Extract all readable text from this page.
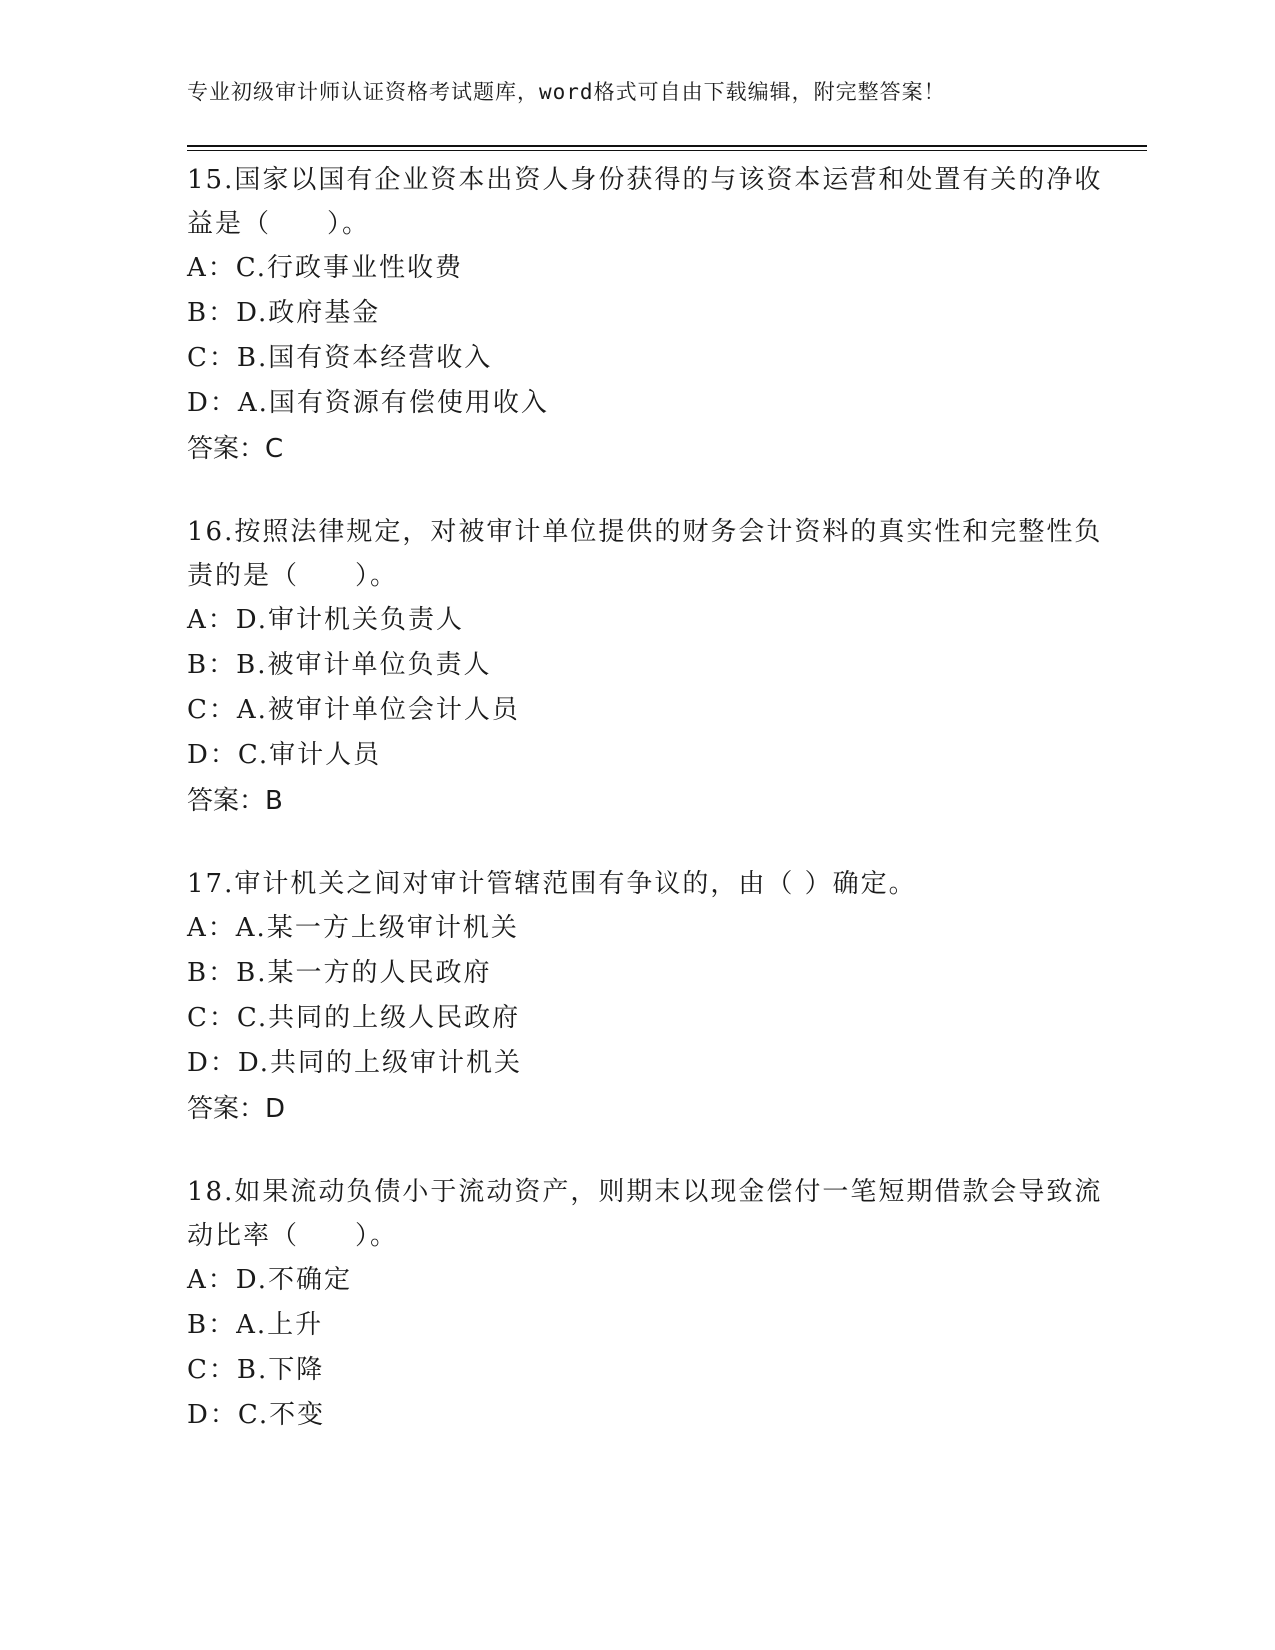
专业初级审计师认证资格考试题库，word格式可自由下载编辑，附完整答案！

15.国家以国有企业资本出资人身份获得的与该资本运营和处置有关的净收益是（　　）。

A：C.行政事业性收费

B：D.政府基金

C：B.国有资本经营收入

D：A.国有资源有偿使用收入

答案：C

16.按照法律规定，对被审计单位提供的财务会计资料的真实性和完整性负责的是（　　）。

A：D.审计机关负责人

B：B.被审计单位负责人

C：A.被审计单位会计人员

D：C.审计人员

答案：B

17.审计机关之间对审计管辖范围有争议的，由（ ）确定。

A：A.某一方上级审计机关

B：B.某一方的人民政府

C：C.共同的上级人民政府

D：D.共同的上级审计机关

答案：D

18.如果流动负债小于流动资产，则期末以现金偿付一笔短期借款会导致流动比率（　　）。

A：D.不确定

B：A.上升

C：B.下降

D：C.不变
